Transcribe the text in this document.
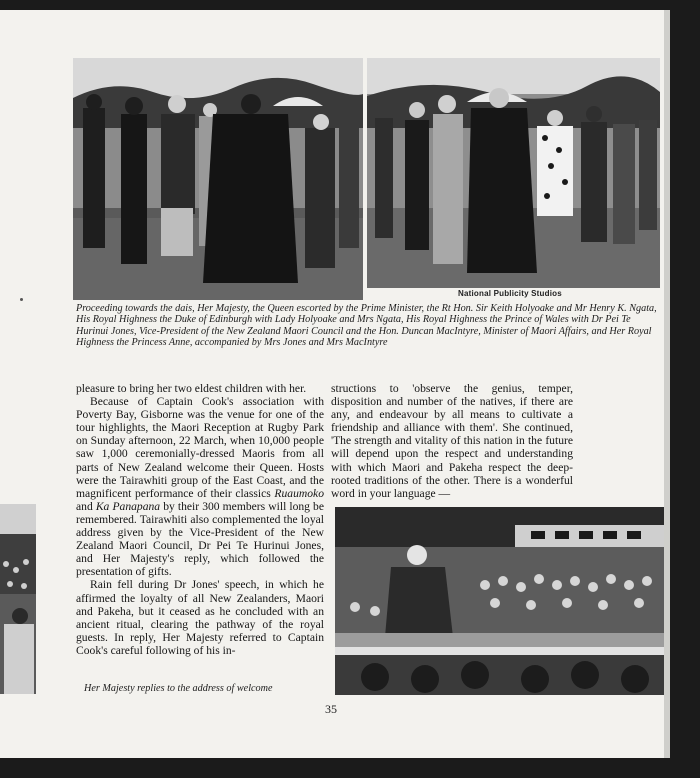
National Publicity Studios

Proceeding towards the dais, Her Majesty, the Queen escorted by the Prime Minister, the Rt Hon. Sir Keith Holyoake and Mr Henry K. Ngata, His Royal Highness the Duke of Edinburgh with Lady Holyoake and Mrs Ngata, His Royal Highness the Prince of Wales with Dr Pei Te Hurinui Jones, Vice-President of the New Zealand Maori Council and the Hon. Duncan MacIntyre, Minister of Maori Affairs, and Her Royal Highness the Princess Anne, accompanied by Mrs Jones and Mrs MacIntyre

pleasure to bring her two eldest children with her.

Because of Captain Cook's association with Poverty Bay, Gisborne was the venue for one of the tour highlights, the Maori Reception at Rugby Park on Sunday afternoon, 22 March, when 10,000 people saw 1,000 ceremonially-dressed Maoris from all parts of New Zealand welcome their Queen. Hosts were the Tairawhiti group of the East Coast, and the magnificent performance of their classics Ruaumoko and Ka Panapana by their 300 members will long be remembered. Tairawhiti also complemented the loyal address given by the Vice-President of the New Zealand Maori Council, Dr Pei Te Hurinui Jones, and Her Majesty's reply, which followed the presentation of gifts.

Rain fell during Dr Jones' speech, in which he affirmed the loyalty of all New Zealanders, Maori and Pakeha, but it ceased as he concluded with an ancient ritual, clearing the pathway of the royal guests. In reply, Her Majesty referred to Captain Cook's careful following of his in-

structions to 'observe the genius, temper, disposition and number of the natives, if there are any, and endeavour by all means to cultivate a friendship and alliance with them'. She continued, 'The strength and vitality of this nation in the future will depend upon the respect and understanding with which Maori and Pakeha respect the deep-rooted traditions of the other. There is a wonderful word in your language —

Her Majesty replies to the address of welcome
35
